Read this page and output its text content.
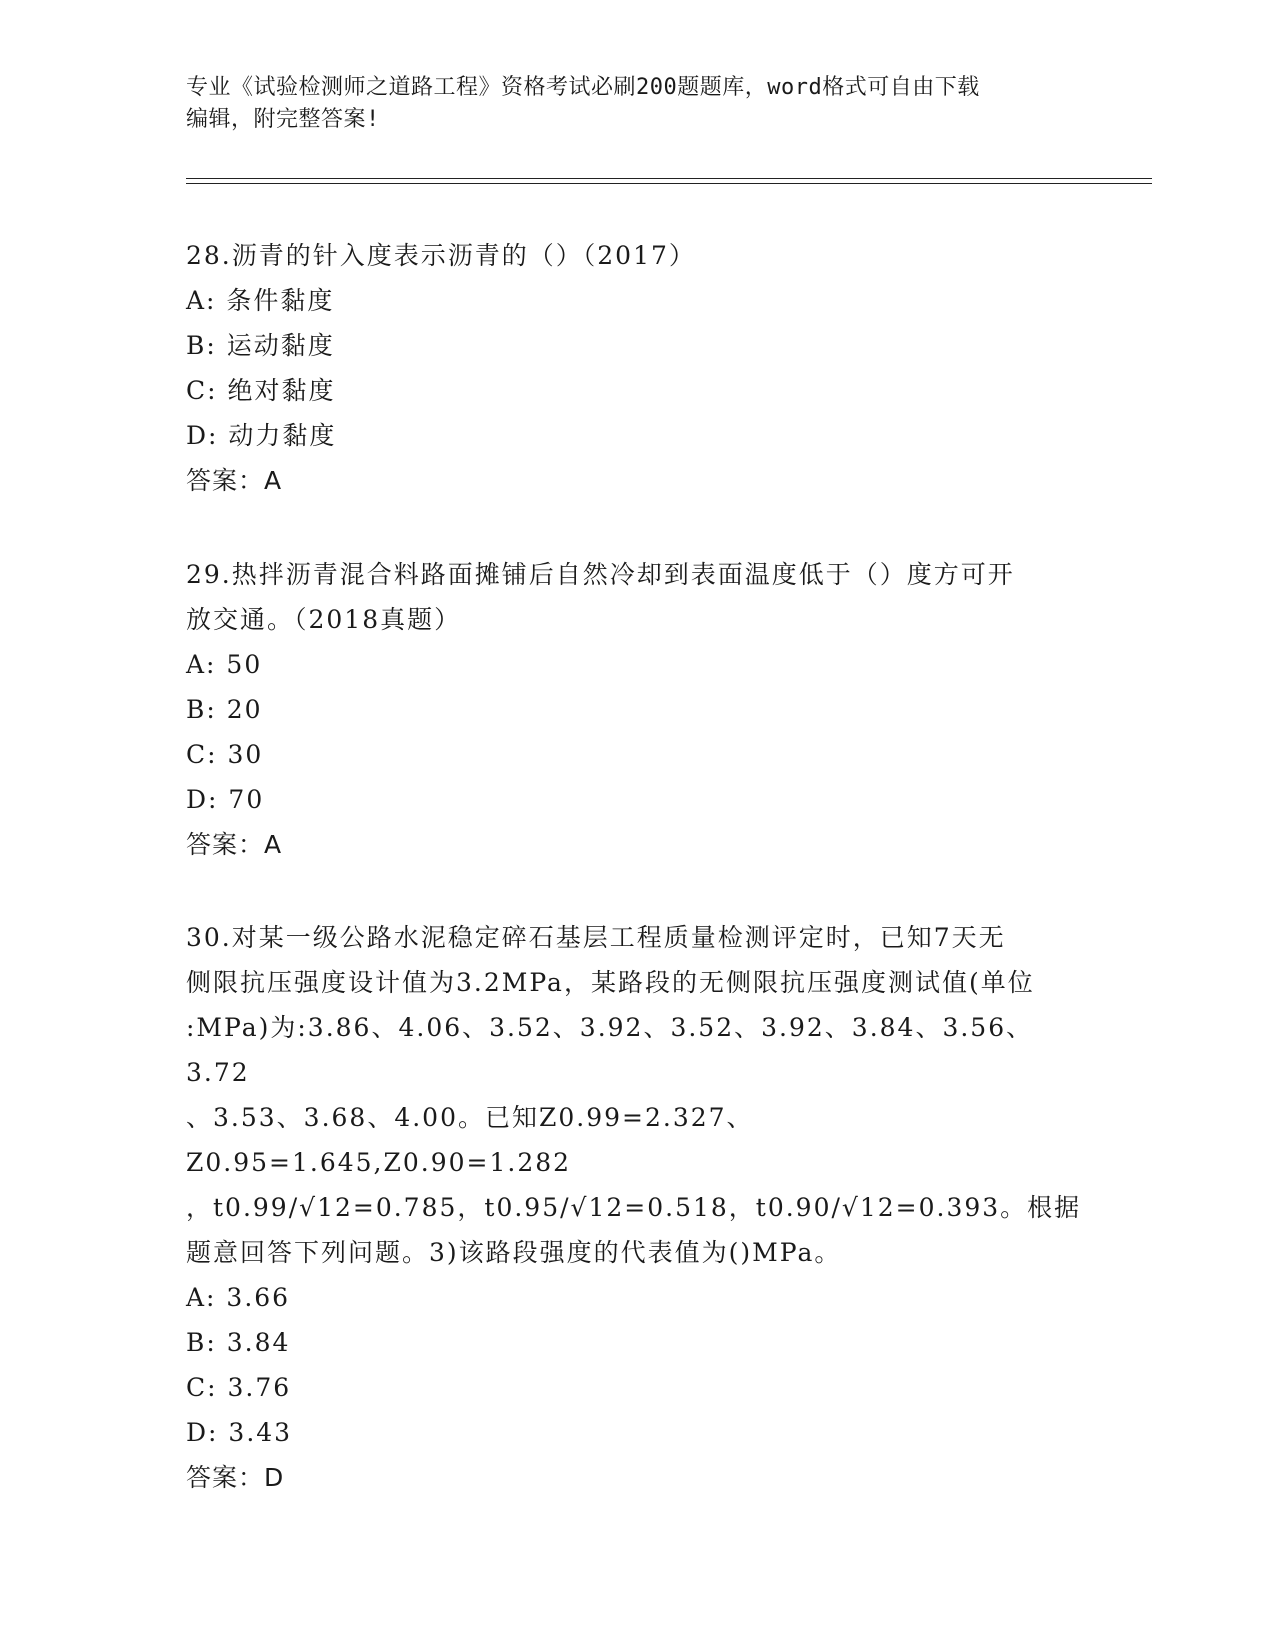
专业《试验检测师之道路工程》资格考试必刷200题题库，word格式可自由下载
编辑，附完整答案!

28.沥青的针入度表示沥青的（）（2017）

A: 条件黏度

B: 运动黏度

C: 绝对黏度

D: 动力黏度

答案：A

29.热拌沥青混合料路面摊铺后自然冷却到表面温度低于（）度方可开

放交通。（2018真题）

A: 50

B: 20

C: 30

D: 70

答案：A

30.对某一级公路水泥稳定碎石基层工程质量检测评定时，已知7天无

侧限抗压强度设计值为3.2MPa，某路段的无侧限抗压强度测试值(单位

:MPa)为:3.86、4.06、3.52、3.92、3.52、3.92、3.84、3.56、3.72

、3.53、3.68、4.00。已知Z0.99=2.327、Z0.95=1.645,Z0.90=1.282

，t0.99/√12=0.785，t0.95/√12=0.518，t0.90/√12=0.393。根据

题意回答下列问题。3)该路段强度的代表值为()MPa。

A: 3.66

B: 3.84

C: 3.76

D: 3.43

答案：D
